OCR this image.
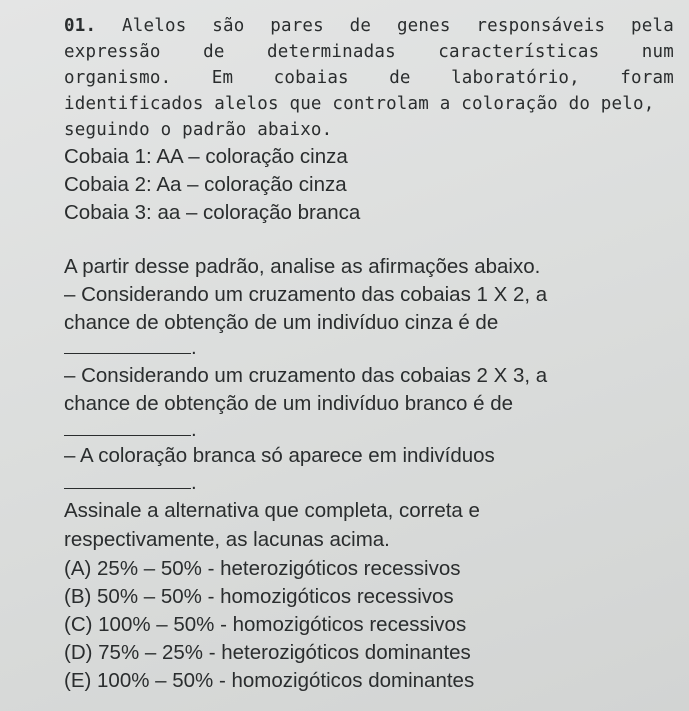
01. Alelos são pares de genes responsáveis pela
expressão de determinadas características num
organismo. Em cobaias de laboratório, foram
identificados alelos que controlam a coloração do pelo,
seguindo o padrão abaixo.
Cobaia 1: AA – coloração cinza
Cobaia 2: Aa – coloração cinza
Cobaia 3: aa – coloração branca
A partir desse padrão, analise as afirmações abaixo.
– Considerando um cruzamento das cobaias 1 X 2, a
chance de obtenção de um indivíduo cinza é de
.
– Considerando um cruzamento das cobaias 2 X 3, a
chance de obtenção de um indivíduo branco é de
.
– A coloração branca só aparece em indivíduos
.
Assinale a alternativa que completa, correta e
respectivamente, as lacunas acima.
(A) 25% – 50% - heterozigóticos recessivos
(B) 50% – 50% - homozigóticos recessivos
(C) 100% – 50% - homozigóticos recessivos
(D) 75% – 25% - heterozigóticos dominantes
(E) 100% – 50% - homozigóticos dominantes
